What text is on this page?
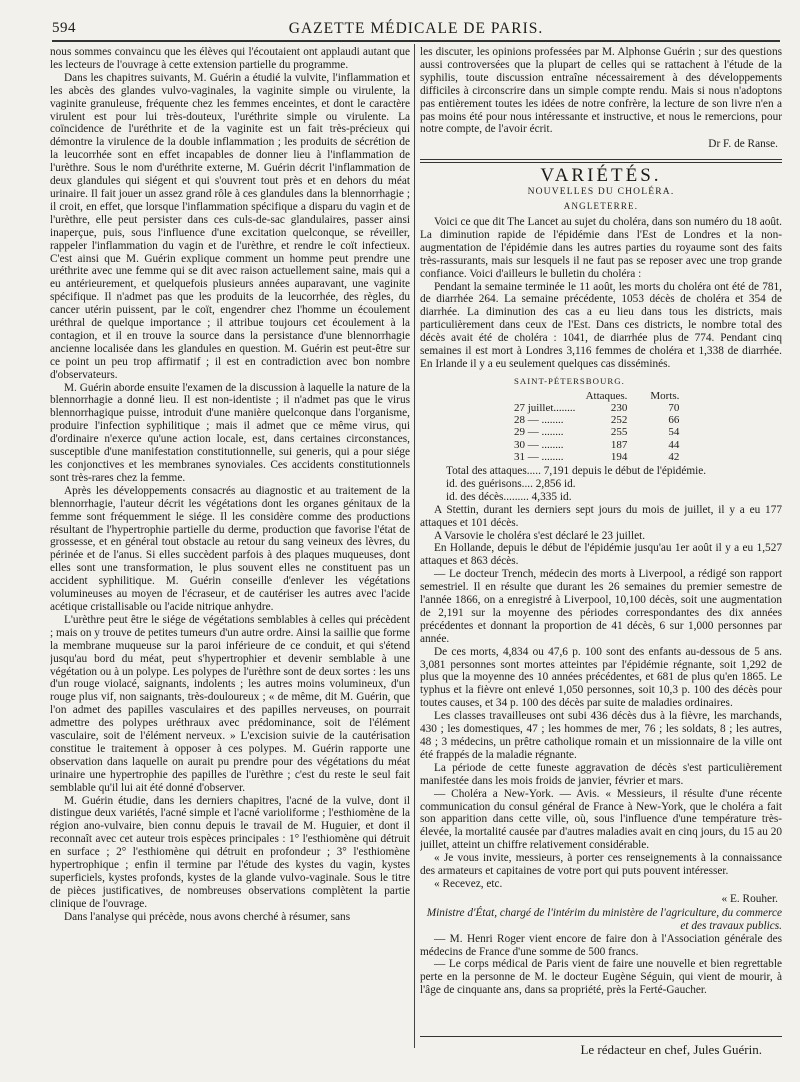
594	GAZETTE MÉDICALE DE PARIS.

nous sommes convaincu que les élèves qui l'écoutaient ont applaudi autant que les lecteurs de l'ouvrage à cette extension partielle du programme.

Dans les chapitres suivants, M. Guérin a étudié la vulvite, l'inflammation et les abcès des glandes vulvo-vaginales, la vaginite simple ou virulente, la vaginite granuleuse, fréquente chez les femmes enceintes, et dont le caractère virulent est pour lui très-douteux, l'uréthrite simple ou virulente. La coïncidence de l'uréthrite et de la vaginite est un fait très-précieux qui démontre la virulence de la double inflammation ; les produits de sécrétion de la leucorrhée sont en effet incapables de donner lieu à l'inflammation de l'urèthre. Sous le nom d'uréthrite externe, M. Guérin décrit l'inflammation de deux glandules qui siégent et qui s'ouvrent tout près et en dehors du méat urinaire. Il fait jouer un assez grand rôle à ces glandules dans la blennorrhagie ; il croit, en effet, que lorsque l'inflammation spécifique a disparu du vagin et de l'urèthre, elle peut persister dans ces culs-de-sac glandulaires, passer ainsi inaperçue, puis, sous l'influence d'une excitation quelconque, se réveiller, rappeler l'inflammation du vagin et de l'urèthre, et rendre le coït infectieux. C'est ainsi que M. Guérin explique comment un homme peut prendre une uréthrite avec une femme qui se dit avec raison actuellement saine, mais qui a eu antérieurement, et quelquefois plusieurs années auparavant, une vaginite spécifique. Il n'admet pas que les produits de la leucorrhée, des règles, du cancer utérin puissent, par le coït, engendrer chez l'homme un écoulement uréthral de quelque importance ; il attribue toujours cet écoulement à la contagion, et il en trouve la source dans la persistance d'une blennorrhagie ancienne localisée dans les glandules en question. M. Guérin est peut-être sur ce point un peu trop affirmatif ; il est en contradiction avec bon nombre d'observateurs.

M. Guérin aborde ensuite l'examen de la discussion à laquelle la nature de la blennorrhagie a donné lieu. Il est non-identiste ; il n'admet pas que le virus blennorrhagique puisse, introduit d'une manière quelconque dans l'organisme, produire l'infection syphilitique ; mais il admet que ce même virus, qui d'ordinaire n'exerce qu'une action locale, est, dans certaines circonstances, susceptible d'une manifestation constitutionnelle, sui generis, qui a pour siége les conjonctives et les membranes synoviales. Ces accidents constitutionnels sont très-rares chez la femme.

Après les développements consacrés au diagnostic et au traitement de la blennorrhagie, l'auteur décrit les végétations dont les organes génitaux de la femme sont fréquemment le siége. Il les considère comme des productions résultant de l'hypertrophie partielle du derme, production que favorise l'état de grossesse, et en général tout obstacle au retour du sang veineux des lèvres, du périnée et de l'anus. Si elles succèdent parfois à des plaques muqueuses, dont elles sont une transformation, le plus souvent elles ne constituent pas un accident syphilitique. M. Guérin conseille d'enlever les végétations volumineuses au moyen de l'écraseur, et de cautériser les autres avec l'acide acétique cristallisable ou l'acide nitrique anhydre.

L'urèthre peut être le siége de végétations semblables à celles qui précèdent ; mais on y trouve de petites tumeurs d'un autre ordre. Ainsi la saillie que forme la membrane muqueuse sur la paroi inférieure de ce conduit, et qui s'étend jusqu'au bord du méat, peut s'hypertrophier et devenir semblable à une végétation ou à un polype. Les polypes de l'urèthre sont de deux sortes : les uns d'un rouge violacé, saignants, indolents ; les autres moins volumineux, d'un rouge plus vif, non saignants, très-douloureux ; « de même, dit M. Guérin, que l'on admet des papilles vasculaires et des papilles nerveuses, on pourrait admettre des polypes uréthraux avec prédominance, soit de l'élément vasculaire, soit de l'élément nerveux. » L'excision suivie de la cautérisation constitue le traitement à opposer à ces polypes. M. Guérin rapporte une observation dans laquelle on aurait pu prendre pour des végétations du méat urinaire une hypertrophie des papilles de l'urèthre ; c'est du reste le seul fait semblable qu'il lui ait été donné d'observer.

M. Guérin étudie, dans les derniers chapitres, l'acné de la vulve, dont il distingue deux variétés, l'acné simple et l'acné varioliforme ; l'esthiomène de la région ano-vulvaire, bien connu depuis le travail de M. Huguier, et dont il reconnaît avec cet auteur trois espèces principales : 1° l'esthiomène qui détruit en surface ; 2° l'esthiomène qui détruit en profondeur ; 3° l'esthiomène hypertrophique ; enfin il termine par l'étude des kystes du vagin, kystes superficiels, kystes profonds, kystes de la glande vulvo-vaginale. Sous le titre de pièces justificatives, de nombreuses observations complètent la partie clinique de l'ouvrage.

Dans l'analyse qui précède, nous avons cherché à résumer, sans

les discuter, les opinions professées par M. Alphonse Guérin ; sur des questions aussi controversées que la plupart de celles qui se rattachent à l'étude de la syphilis, toute discussion entraîne nécessairement à des développements difficiles à circonscrire dans un simple compte rendu. Mais si nous n'adoptons pas entièrement toutes les idées de notre confrère, la lecture de son livre n'en a pas moins été pour nous intéressante et instructive, et nous le remercions, pour notre compte, de l'avoir écrit.

Dr F. de Ranse.
VARIÉTÉS.
NOUVELLES DU CHOLÉRA.
ANGLETERRE.

Voici ce que dit The Lancet au sujet du choléra, dans son numéro du 18 août. La diminution rapide de l'épidémie dans l'Est de Londres et la non-augmentation de l'épidémie dans les autres parties du royaume sont des faits très-rassurants, mais sur lesquels il ne faut pas se reposer avec une trop grande confiance. Voici d'ailleurs le bulletin du choléra :

Pendant la semaine terminée le 11 août, les morts du choléra ont été de 781, de diarrhée 264. La semaine précédente, 1053 décès de choléra et 354 de diarrhée. La diminution des cas a eu lieu dans tous les districts, mais particulièrement dans ceux de l'Est. Dans ces districts, le nombre total des décès avait été de choléra : 1041, de diarrhée plus de 774. Pendant cinq semaines il est mort à Londres 3,116 femmes de choléra et 1,338 de diarrhée. En Irlande il y a eu seulement quelques cas disséminés.

SAINT-PÉTERSBOURG.
	Attaques.	Morts.
27 juillet........	230	70
28 — ........	252	66
29 — ........	255	54
30 — ........	187	44
31 — ........	194	42
Total des attaques..... 7,191 depuis le début de l'épidémie.
id. des guérisons.... 2,856 id.
id. des décès......... 4,335 id.

A Stettin, durant les derniers sept jours du mois de juillet, il y a eu 177 attaques et 101 décès.

A Varsovie le choléra s'est déclaré le 23 juillet.

En Hollande, depuis le début de l'épidémie jusqu'au 1er août il y a eu 1,527 attaques et 863 décès.

— Le docteur Trench, médecin des morts à Liverpool, a rédigé son rapport semestriel. Il en résulte que durant les 26 semaines du premier semestre de l'année 1866, on a enregistré à Liverpool, 10,100 décès, soit une augmentation de 2,191 sur la moyenne des périodes correspondantes des dix années précédentes et donnant la proportion de 41 décès, 6 sur 1,000 personnes par année.

De ces morts, 4,834 ou 47,6 p. 100 sont des enfants au-dessous de 5 ans. 3,081 personnes sont mortes atteintes par l'épidémie régnante, soit 1,292 de plus que la moyenne des 10 années précédentes, et 681 de plus qu'en 1865. Le typhus et la fièvre ont enlevé 1,050 personnes, soit 10,3 p. 100 des décès pour toutes causes, et 34 p. 100 des décès par suite de maladies ordinaires.

Les classes travailleuses ont subi 436 décès dus à la fièvre, les marchands, 430 ; les domestiques, 47 ; les hommes de mer, 76 ; les soldats, 8 ; les autres, 48 ; 3 médecins, un prêtre catholique romain et un missionnaire de la ville ont été frappés de la maladie régnante.

La période de cette funeste aggravation de décès s'est particulièrement manifestée dans les mois froids de janvier, février et mars.

— Choléra a New-York. — Avis. « Messieurs, il résulte d'une récente communication du consul général de France à New-York, que le choléra a fait son apparition dans cette ville, où, sous l'influence d'une température très-élevée, la mortalité causée par d'autres maladies avait en cinq jours, du 15 au 20 juillet, atteint un chiffre relativement considérable.

« Je vous invite, messieurs, à porter ces renseignements à la connaissance des armateurs et capitaines de votre port qui puts pouvent intéresser.

« Recevez, etc.

« E. Rouher.
Ministre d'État, chargé de l'intérim du ministère de l'agriculture, du commerce et des travaux publics.

— M. Henri Roger vient encore de faire don à l'Association générale des médecins de France d'une somme de 500 francs.

— Le corps médical de Paris vient de faire une nouvelle et bien regrettable perte en la personne de M. le docteur Eugène Séguin, qui vient de mourir, à l'âge de cinquante ans, dans sa propriété, près la Ferté-Gaucher.

Le rédacteur en chef, Jules Guérin.
